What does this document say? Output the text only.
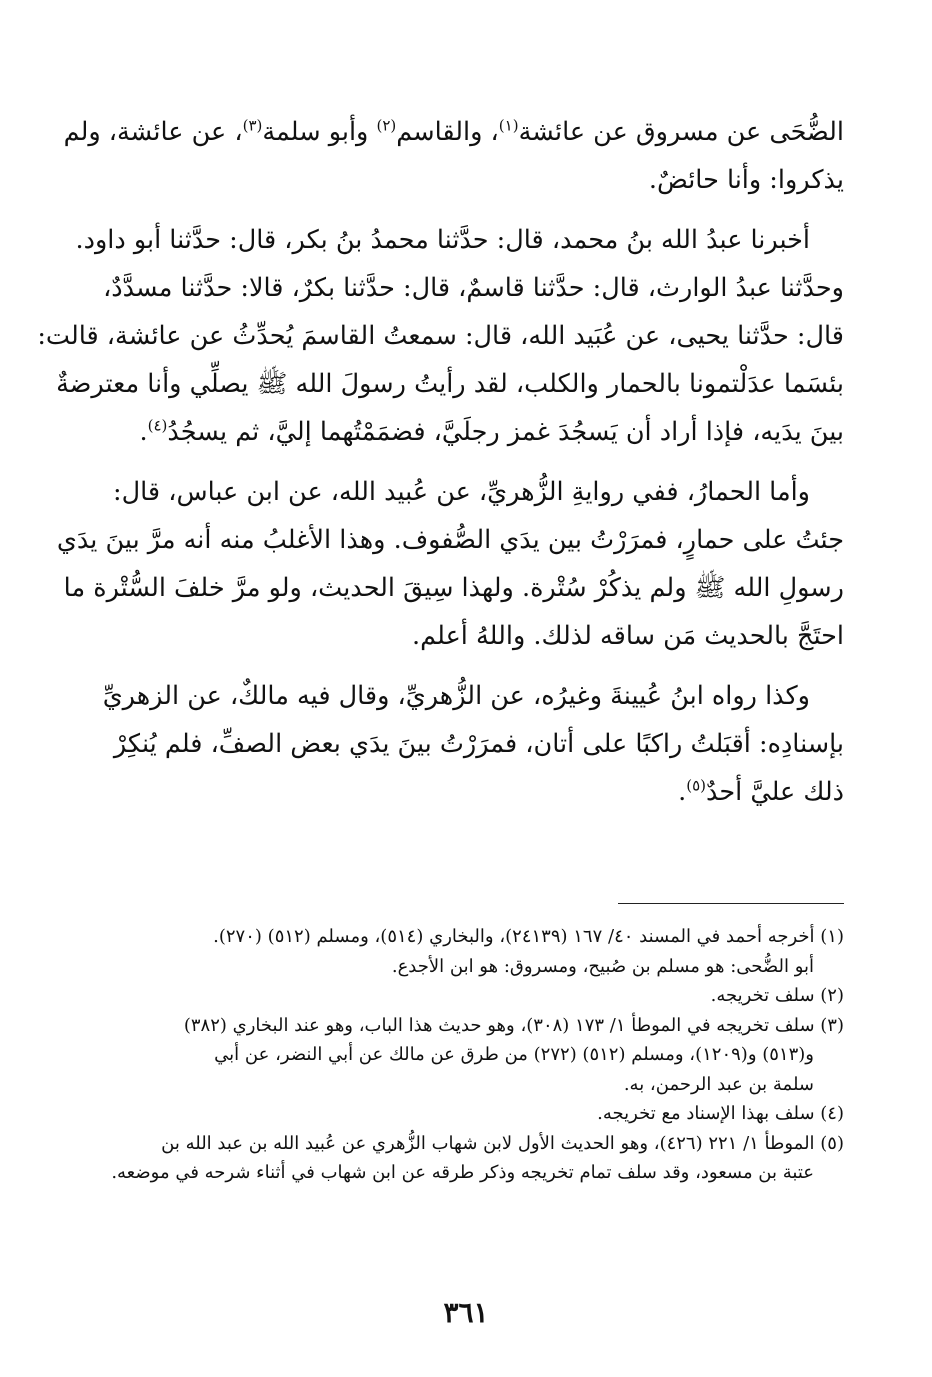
الضُّحَى عن مسروق عن عائشة$^{(١)}$، والقاسم$^{(٢)}$ وأبو سلمة$^{(٣)}$، عن عائشة، ولم
يذكروا: وأنا حائضٌ.

أخبرنا عبدُ الله بنُ محمد، قال: حدَّثنا محمدُ بنُ بكر، قال: حدَّثنا أبو داود.
وحدَّثنا عبدُ الوارث، قال: حدَّثنا قاسمٌ، قال: حدَّثنا بكرٌ، قالا: حدَّثنا مسدَّدٌ،
قال: حدَّثنا يحيى، عن عُبَيد الله، قال: سمعتُ القاسمَ يُحدِّثُ عن عائشة، قالت:
بئسَما عدَلْتمونا بالحمار والكلب، لقد رأيتُ رسولَ الله ﷺ يصلِّي وأنا معترضةٌ
بينَ يدَيه، فإذا أراد أن يَسجُدَ غمز رجلَيَّ، فضمَمْتُهما إليَّ، ثم يسجُدُ$^{(٤)}$.

وأما الحمارُ، ففي روايةِ الزُّهريِّ، عن عُبيد الله، عن ابن عباس، قال:
جئتُ على حمارٍ، فمرَرْتُ بين يدَي الصُّفوف. وهذا الأغلبُ منه أنه مرَّ بينَ يدَي
رسولِ الله ﷺ ولم يذكُرْ سُتْرة. ولهذا سِيقَ الحديث، ولو مرَّ خلفَ السُّتْرة ما
احتَجَّ بالحديث مَن ساقه لذلك. واللهُ أعلم.

وكذا رواه ابنُ عُيينةَ وغيرُه، عن الزُّهريِّ، وقال فيه مالكٌ، عن الزهريِّ
بإسنادِه: أقبَلتُ راكبًا على أتان، فمرَرْتُ بينَ يدَي بعض الصفِّ، فلم يُنكِرْ
ذلك عليَّ أحدٌ$^{(٥)}$.

(١) أخرجه أحمد في المسند ٤٠/ ١٦٧ (٢٤١٣٩)، والبخاري (٥١٤)، ومسلم (٥١٢) (٢٧٠).
أبو الضُّحى: هو مسلم بن صُبيح، ومسروق: هو ابن الأجدع.

(٢) سلف تخريجه.

(٣) سلف تخريجه في الموطأ ١/ ١٧٣ (٣٠٨)، وهو حديث هذا الباب، وهو عند البخاري (٣٨٢)
و(٥١٣) و(١٢٠٩)، ومسلم (٥١٢) (٢٧٢) من طرق عن مالك عن أبي النضر، عن أبي
سلمة بن عبد الرحمن، به.

(٤) سلف بهذا الإسناد مع تخريجه.

(٥) الموطأ ١/ ٢٢١ (٤٢٦)، وهو الحديث الأول لابن شهاب الزُّهري عن عُبيد الله بن عبد الله بن
عتبة بن مسعود، وقد سلف تمام تخريجه وذكر طرقه عن ابن شهاب في أثناء شرحه في موضعه.

٣٦١
